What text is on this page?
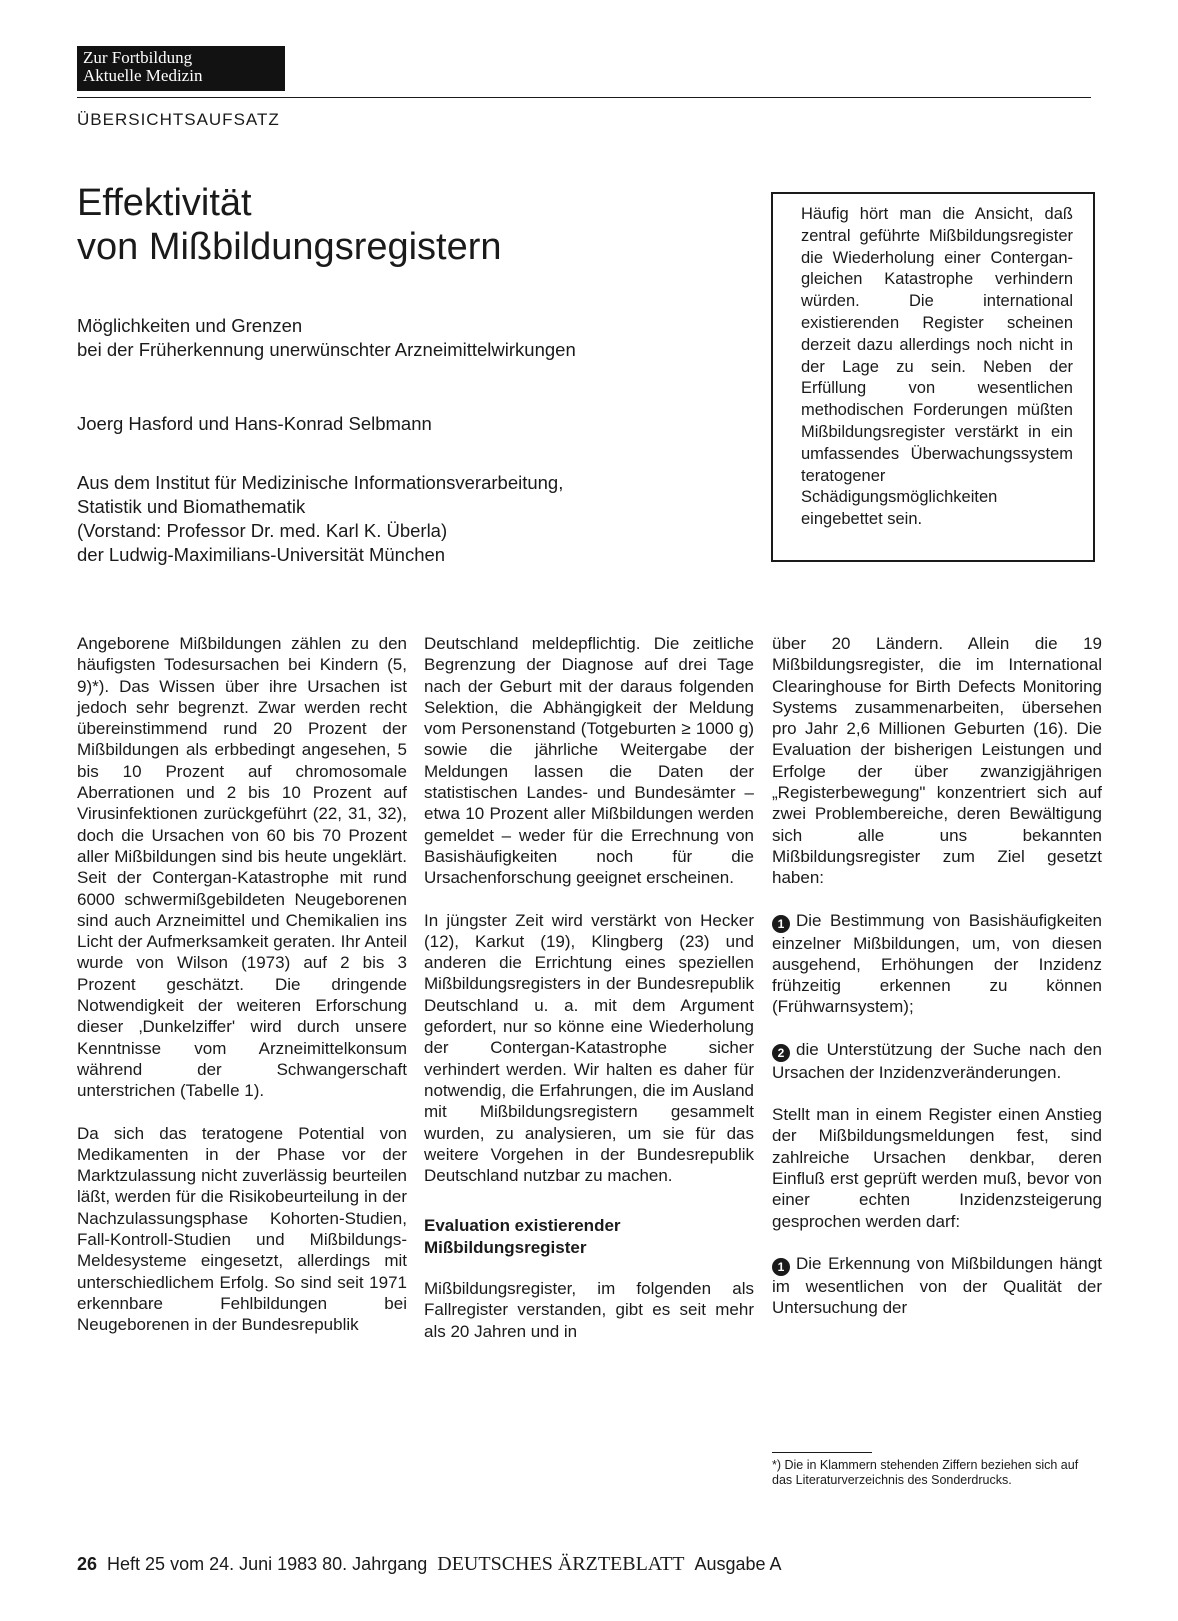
Zur Fortbildung
Aktuelle Medizin
ÜBERSICHTSAUFSATZ
Effektivität
von Mißbildungsregistern
Möglichkeiten und Grenzen
bei der Früherkennung unerwünschter Arzneimittelwirkungen
Joerg Hasford und Hans-Konrad Selbmann
Aus dem Institut für Medizinische Informationsverarbeitung,
Statistik und Biomathematik
(Vorstand: Professor Dr. med. Karl K. Überla)
der Ludwig-Maximilians-Universität München
Häufig hört man die Ansicht, daß zentral geführte Mißbildungsregister die Wiederholung einer Contergan-gleichen Katastrophe verhindern würden. Die international existierenden Register scheinen derzeit dazu allerdings noch nicht in der Lage zu sein. Neben der Erfüllung von wesentlichen methodischen Forderungen müßten Mißbildungsregister verstärkt in ein umfassendes Überwachungssystem teratogener Schädigungsmöglichkeiten eingebettet sein.

Angeborene Mißbildungen zählen zu den häufigsten Todesursachen bei Kindern (5, 9)*). Das Wissen über ihre Ursachen ist jedoch sehr begrenzt. Zwar werden recht übereinstimmend rund 20 Prozent der Mißbildungen als erbbedingt angesehen, 5 bis 10 Prozent auf chromosomale Aberrationen und 2 bis 10 Prozent auf Virusinfektionen zurückgeführt (22, 31, 32), doch die Ursachen von 60 bis 70 Prozent aller Mißbildungen sind bis heute ungeklärt. Seit der Contergan-Katastrophe mit rund 6000 schwermißgebildeten Neugeborenen sind auch Arzneimittel und Chemikalien ins Licht der Aufmerksamkeit geraten. Ihr Anteil wurde von Wilson (1973) auf 2 bis 3 Prozent geschätzt. Die dringende Notwendigkeit der weiteren Erforschung dieser ‚Dunkelziffer' wird durch unsere Kenntnisse vom Arzneimittelkonsum während der Schwangerschaft unterstrichen (Tabelle 1).

Da sich das teratogene Potential von Medikamenten in der Phase vor der Marktzulassung nicht zuverlässig beurteilen läßt, werden für die Risikobeurteilung in der Nachzulassungsphase Kohorten-Studien, Fall-Kontroll-Studien und Mißbildungs-Meldesysteme eingesetzt, allerdings mit unterschiedlichem Erfolg. So sind seit 1971 erkennbare Fehlbildungen bei Neugeborenen in der Bundesrepublik

Deutschland meldepflichtig. Die zeitliche Begrenzung der Diagnose auf drei Tage nach der Geburt mit der daraus folgenden Selektion, die Abhängigkeit der Meldung vom Personenstand (Totgeburten ≥ 1000 g) sowie die jährliche Weitergabe der Meldungen lassen die Daten der statistischen Landes- und Bundesämter – etwa 10 Prozent aller Mißbildungen werden gemeldet – weder für die Errechnung von Basishäufigkeiten noch für die Ursachenforschung geeignet erscheinen.

In jüngster Zeit wird verstärkt von Hecker (12), Karkut (19), Klingberg (23) und anderen die Errichtung eines speziellen Mißbildungsregisters in der Bundesrepublik Deutschland u. a. mit dem Argument gefordert, nur so könne eine Wiederholung der Contergan-Katastrophe sicher verhindert werden. Wir halten es daher für notwendig, die Erfahrungen, die im Ausland mit Mißbildungsregistern gesammelt wurden, zu analysieren, um sie für das weitere Vorgehen in der Bundesrepublik Deutschland nutzbar zu machen.

Evaluation existierender
Mißbildungsregister

Mißbildungsregister, im folgenden als Fallregister verstanden, gibt es seit mehr als 20 Jahren und in

über 20 Ländern. Allein die 19 Mißbildungsregister, die im International Clearinghouse for Birth Defects Monitoring Systems zusammenarbeiten, übersehen pro Jahr 2,6 Millionen Geburten (16). Die Evaluation der bisherigen Leistungen und Erfolge der über zwanzigjährigen „Registerbewegung" konzentriert sich auf zwei Problembereiche, deren Bewältigung sich alle uns bekannten Mißbildungsregister zum Ziel gesetzt haben:

1 Die Bestimmung von Basishäufigkeiten einzelner Mißbildungen, um, von diesen ausgehend, Erhöhungen der Inzidenz frühzeitig erkennen zu können (Frühwarnsystem);

2 die Unterstützung der Suche nach den Ursachen der Inzidenzveränderungen.

Stellt man in einem Register einen Anstieg der Mißbildungsmeldungen fest, sind zahlreiche Ursachen denkbar, deren Einfluß erst geprüft werden muß, bevor von einer echten Inzidenzsteigerung gesprochen werden darf:

1 Die Erkennung von Mißbildungen hängt im wesentlichen von der Qualität der Untersuchung der

*) Die in Klammern stehenden Ziffern beziehen sich auf das Literaturverzeichnis des Sonderdrucks.
26 Heft 25 vom 24. Juni 1983 80. Jahrgang DEUTSCHES ÄRZTEBLATT Ausgabe A
